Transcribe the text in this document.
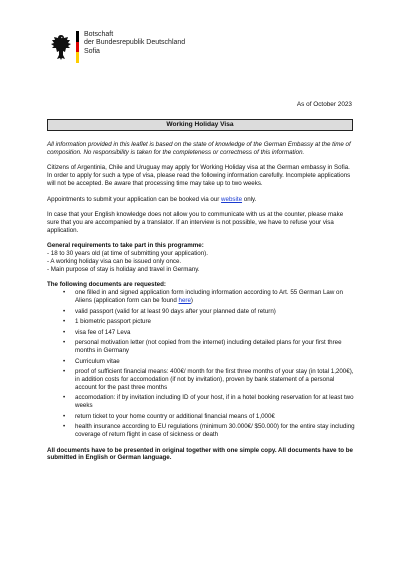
Botschaft
der Bundesrepublik Deutschland
Sofia
As of October 2023
Working Holiday Visa

All information provided in this leaflet is based on the state of knowledge of the German Embassy at the time of composition. No responsibility is taken for the completeness or correctness of this information.

Citizens of Argentinia, Chile and Uruguay may apply for Working Holiday visa at the German embassy in Sofia. In order to apply for such a type of visa, please read the following information carefully. Incomplete applications will not be accepted. Be aware that processing time may take up to two weeks.

Appointments to submit your application can be booked via our website only.

In case that your English knowledge does not allow you to communicate with us at the counter, please make sure that you are accompanied by a translator. If an interview is not possible, we have to refuse your visa application.

General requirements to take part in this programme:
- 18 to 30 years old (at time of submitting your application).
- A working holiday visa can be issued only once.
- Main purpose of stay is holiday and travel in Germany.
The following documents are requested:
• one filled in and signed application form including information according to Art. 55 German Law on Aliens (application form can be found here)
• valid passport (valid for at least 90 days after your planned date of return)
• 1 biometric passport picture
• visa fee of 147 Leva
• personal motivation letter (not copied from the internet) including detailed plans for your first three months in Germany
• Curriculum vitae
• proof of sufficient financial means: 400€/ month for the first three months of your stay (in total 1,200€), in addition costs for accomodation (if not by invitation), proven by bank statement of a personal account for the past three months
• accomodation: if by invitation including ID of your host, if in a hotel booking reservation for at least two weeks
• return ticket to your home country or additional financial means of 1,000€
• health insurance according to EU regulations (minimum 30.000€/ $50.000) for the entire stay including coverage of return flight in case of sickness or death

All documents have to be presented in original together with one simple copy. All documents have to be submitted in English or German language.
